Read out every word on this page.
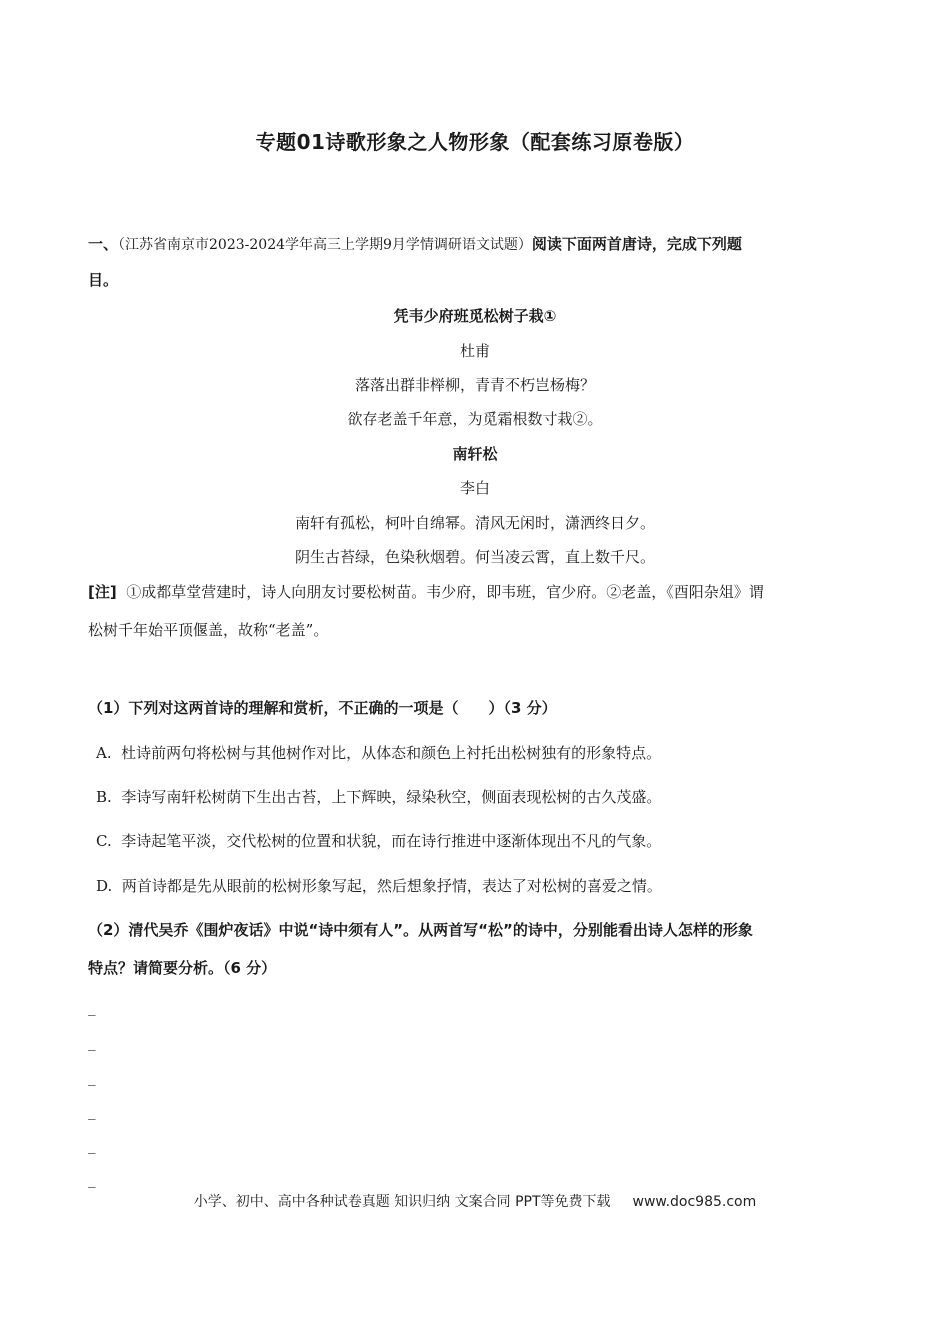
专题01诗歌形象之人物形象（配套练习原卷版）
一、（江苏省南京市2023-2024学年高三上学期9月学情调研语文试题）阅读下面两首唐诗，完成下列题
目。
凭韦少府班觅松树子栽①
杜甫
落落出群非榉柳，青青不朽岂杨梅？
欲存老盖千年意，为觅霜根数寸栽②。
南轩松
李白
南轩有孤松，柯叶自绵幂。清风无闲时，潇洒终日夕。
阴生古苔绿，色染秋烟碧。何当凌云霄，直上数千尺。
[注] ①成都草堂营建时，诗人向朋友讨要松树苗。韦少府，即韦班，官少府。②老盖，《酉阳杂俎》谓
松树千年始平顶偃盖，故称“老盖”。
（1）下列对这两首诗的理解和赏析，不正确的一项是（　　）（3 分）
A. 杜诗前两句将松树与其他树作对比，从体态和颜色上衬托出松树独有的形象特点。
B. 李诗写南轩松树荫下生出古苔，上下辉映，绿染秋空，侧面表现松树的古久茂盛。
C. 李诗起笔平淡，交代松树的位置和状貌，而在诗行推进中逐渐体现出不凡的气象。
D. 两首诗都是先从眼前的松树形象写起，然后想象抒情，表达了对松树的喜爱之情。
（2）清代吴乔《围炉夜话》中说“诗中须有人”。从两首写“松”的诗中，分别能看出诗人怎样的形象
特点？请简要分析。（6 分）
_
_
_
_
_
_
小学、初中、高中各种试卷真题 知识归纳 文案合同 PPT等免费下载 www.doc985.com
